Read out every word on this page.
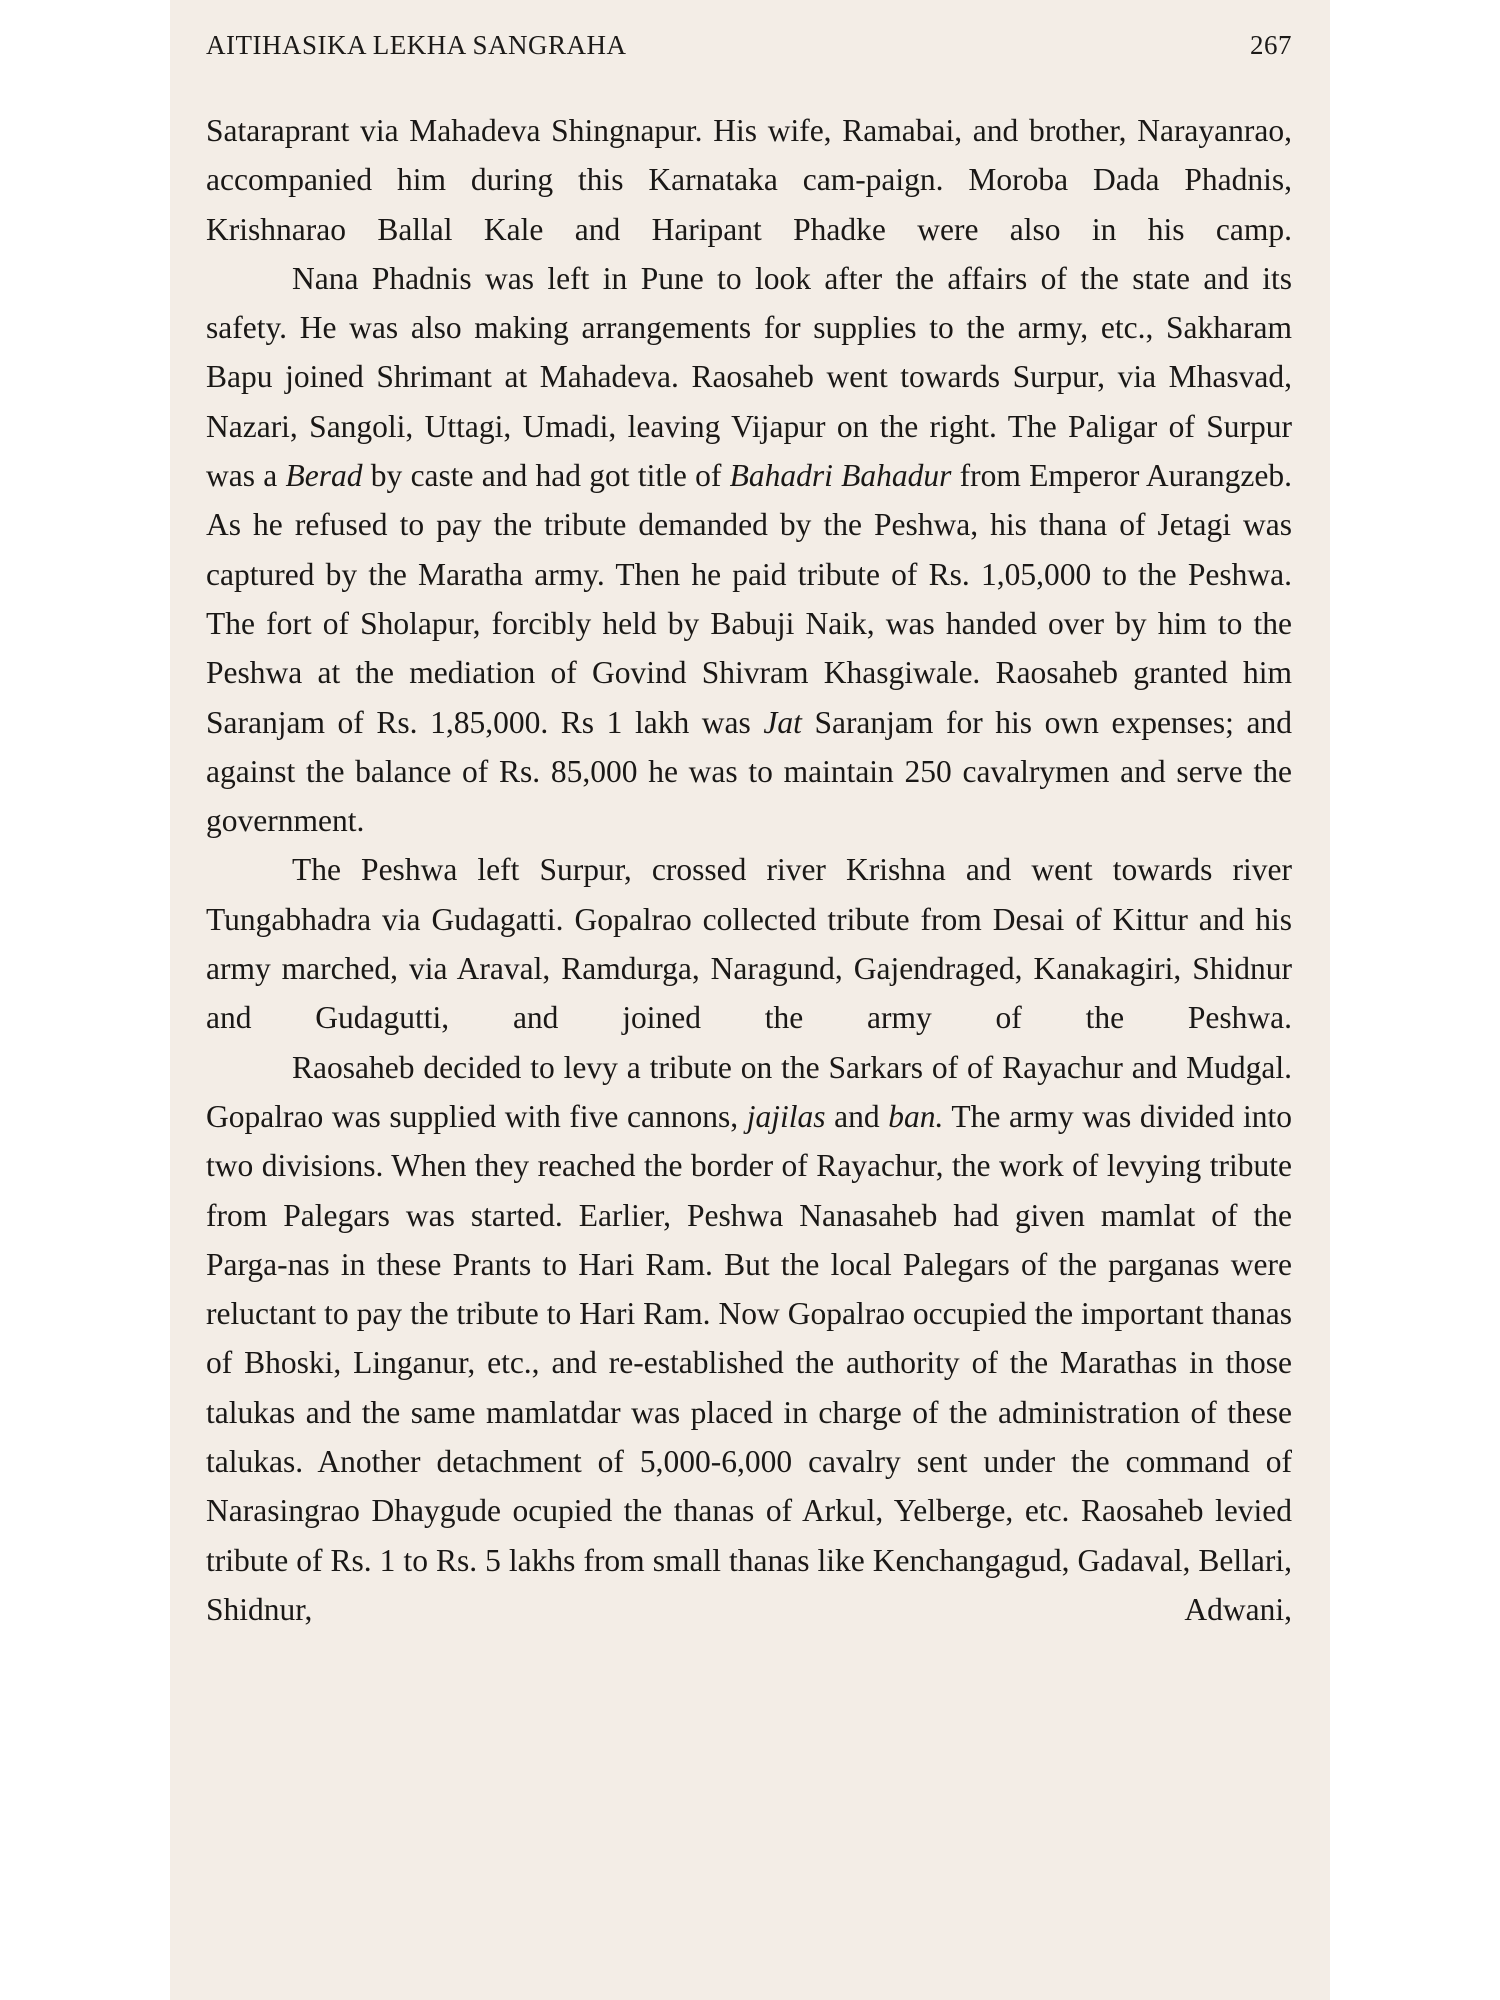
AITIHASIKA LEKHA SANGRAHA	267

Sataraprant via Mahadeva Shingnapur. His wife, Ramabai, and brother, Narayanrao, accompanied him during this Karnataka cam-paign. Moroba Dada Phadnis, Krishnarao Ballal Kale and Haripant Phadke were also in his camp.

Nana Phadnis was left in Pune to look after the affairs of the state and its safety. He was also making arrangements for supplies to the army, etc., Sakharam Bapu joined Shrimant at Mahadeva. Raosaheb went towards Surpur, via Mhasvad, Nazari, Sangoli, Uttagi, Umadi, leaving Vijapur on the right. The Paligar of Surpur was a Berad by caste and had got title of Bahadri Bahadur from Emperor Aurangzeb. As he refused to pay the tribute demanded by the Peshwa, his thana of Jetagi was captured by the Maratha army. Then he paid tribute of Rs. 1,05,000 to the Peshwa. The fort of Sholapur, forcibly held by Babuji Naik, was handed over by him to the Peshwa at the mediation of Govind Shivram Khasgiwale. Raosaheb granted him Saranjam of Rs. 1,85,000. Rs 1 lakh was Jat Saranjam for his own expenses; and against the balance of Rs. 85,000 he was to maintain 250 cavalrymen and serve the government.

The Peshwa left Surpur, crossed river Krishna and went towards river Tungabhadra via Gudagatti. Gopalrao collected tribute from Desai of Kittur and his army marched, via Araval, Ramdurga, Naragund, Gajendraged, Kanakagiri, Shidnur and Gudagutti, and joined the army of the Peshwa.

Raosaheb decided to levy a tribute on the Sarkars of of Rayachur and Mudgal. Gopalrao was supplied with five cannons, jajilas and ban. The army was divided into two divisions. When they reached the border of Rayachur, the work of levying tribute from Palegars was started. Earlier, Peshwa Nanasaheb had given mamlat of the Parga-nas in these Prants to Hari Ram. But the local Palegars of the parganas were reluctant to pay the tribute to Hari Ram. Now Gopalrao occupied the important thanas of Bhoski, Linganur, etc., and re-established the authority of the Marathas in those talukas and the same mamlatdar was placed in charge of the administration of these talukas. Another detachment of 5,000-6,000 cavalry sent under the command of Narasingrao Dhaygude ocupied the thanas of Arkul, Yelberge, etc. Raosaheb levied tribute of Rs. 1 to Rs. 5 lakhs from small thanas like Kenchangagud, Gadaval, Bellari, Shidnur, Adwani,
